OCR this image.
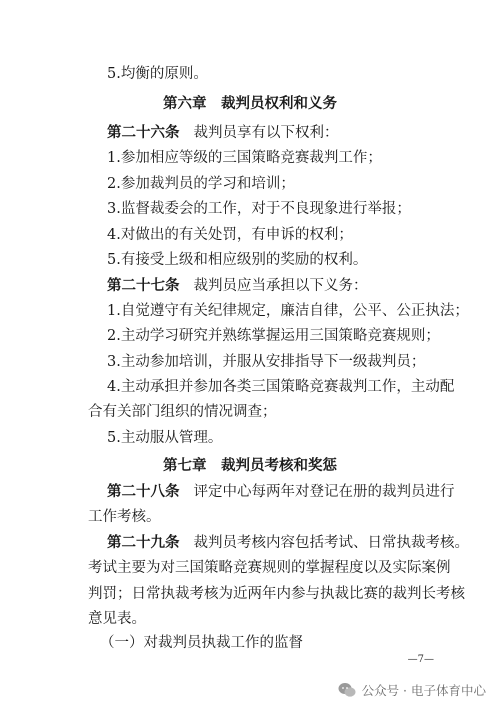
5.均衡的原则。
第六章　裁判员权利和义务
第二十六条 裁判员享有以下权利：
1.参加相应等级的三国策略竞赛裁判工作；
2.参加裁判员的学习和培训；
3.监督裁委会的工作，对于不良现象进行举报；
4.对做出的有关处罚，有申诉的权利；
5.有接受上级和相应级别的奖励的权利。
第二十七条 裁判员应当承担以下义务：
1.自觉遵守有关纪律规定，廉洁自律，公平、公正执法；
2.主动学习研究并熟练掌握运用三国策略竞赛规则；
3.主动参加培训，并服从安排指导下一级裁判员；
4.主动承担并参加各类三国策略竞赛裁判工作，主动配
合有关部门组织的情况调查；
5.主动服从管理。
第七章　裁判员考核和奖惩
第二十八条 评定中心每两年对登记在册的裁判员进行
工作考核。
第二十九条 裁判员考核内容包括考试、日常执裁考核。
考试主要为对三国策略竞赛规则的掌握程度以及实际案例
判罚；日常执裁考核为近两年内参与执裁比赛的裁判长考核
意见表。
（一）对裁判员执裁工作的监督
—7—
公众号 · 电子体育中心
